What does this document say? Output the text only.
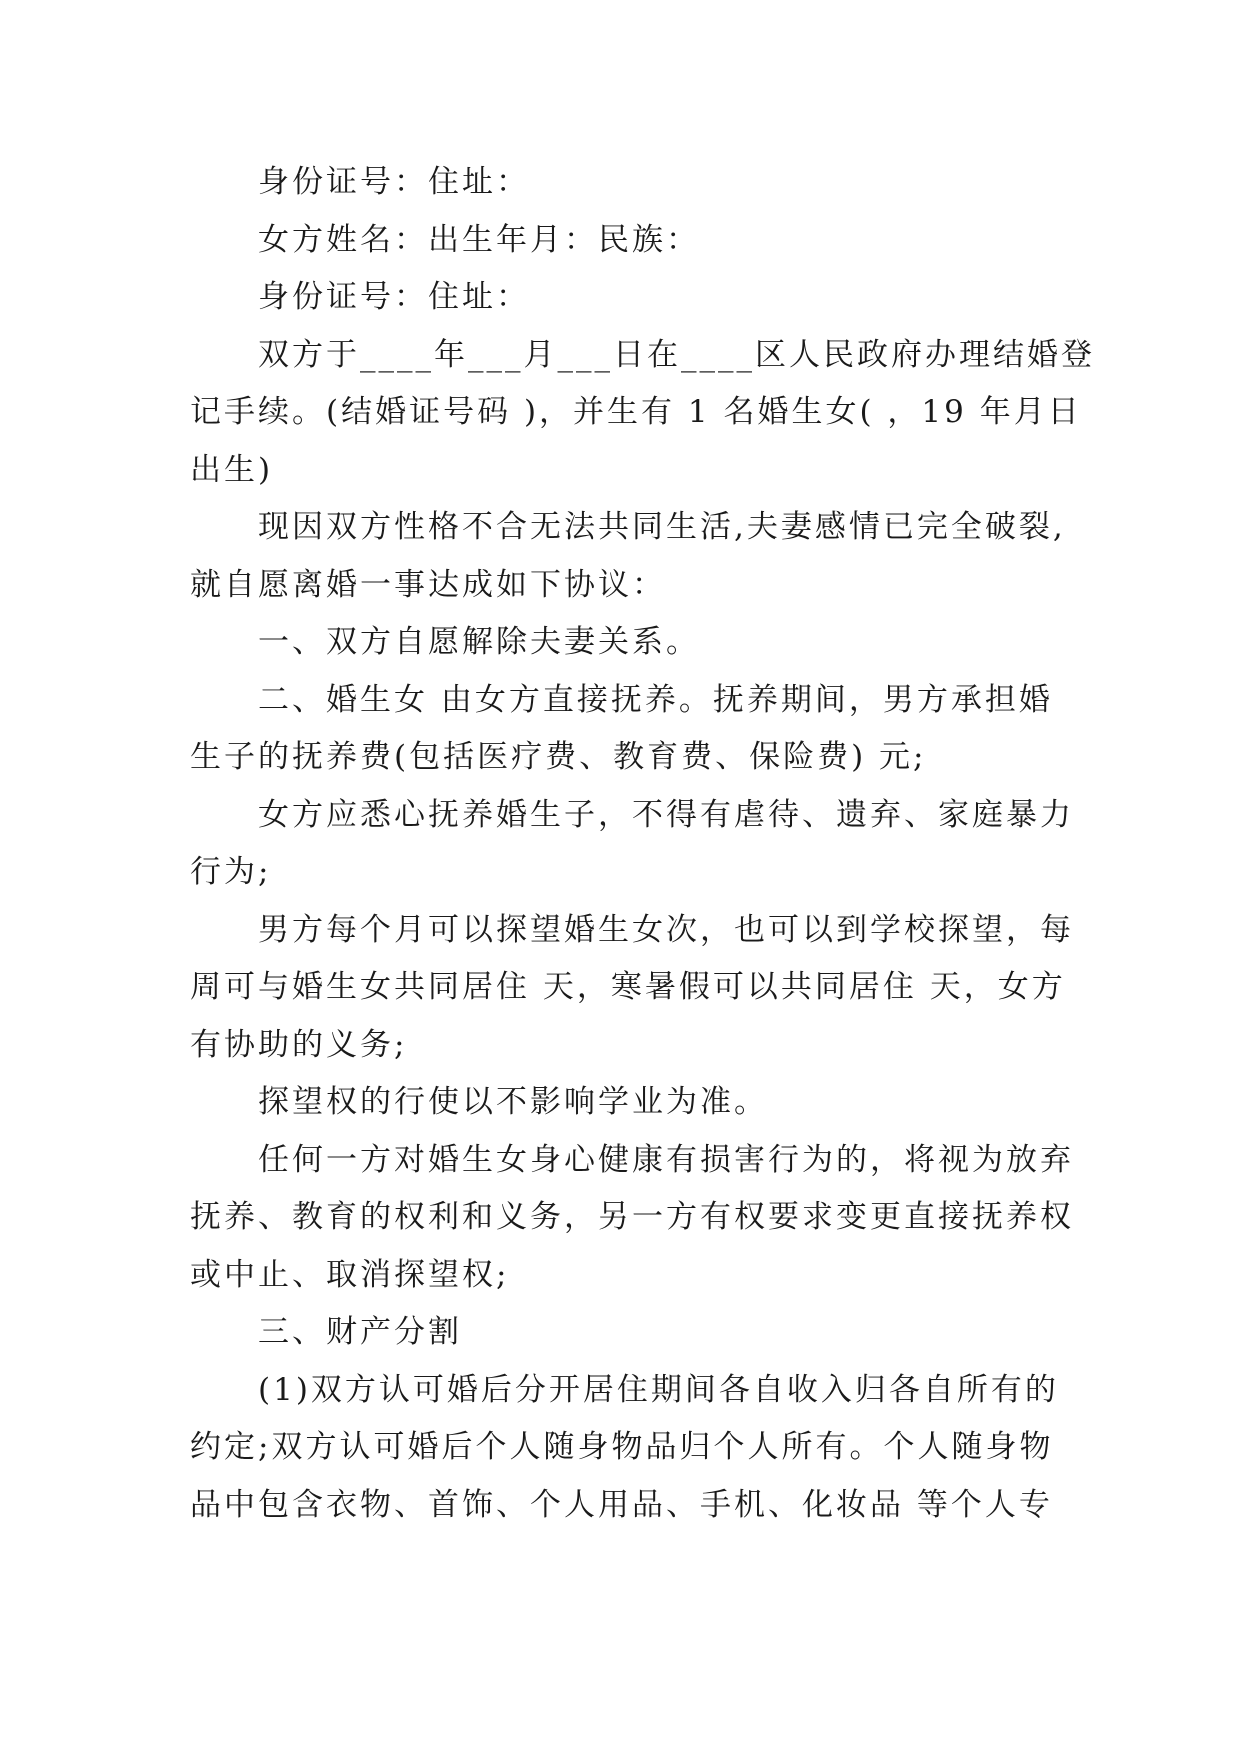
身份证号：住址：
女方姓名：出生年月：民族：
身份证号：住址：
双方于____年___月___日在____区人民政府办理结婚登
记手续。(结婚证号码 )，并生有 1 名婚生女( ，19 年月日
出生)
现因双方性格不合无法共同生活,夫妻感情已完全破裂,
就自愿离婚一事达成如下协议：
一、双方自愿解除夫妻关系。
二、婚生女 由女方直接抚养。抚养期间，男方承担婚
生子的抚养费(包括医疗费、教育费、保险费) 元;
女方应悉心抚养婚生子，不得有虐待、遗弃、家庭暴力
行为;
男方每个月可以探望婚生女次，也可以到学校探望，每
周可与婚生女共同居住 天，寒暑假可以共同居住 天，女方
有协助的义务;
探望权的行使以不影响学业为准。
任何一方对婚生女身心健康有损害行为的，将视为放弃
抚养、教育的权利和义务，另一方有权要求变更直接抚养权
或中止、取消探望权;
三、财产分割
(1)双方认可婚后分开居住期间各自收入归各自所有的
约定;双方认可婚后个人随身物品归个人所有。个人随身物
品中包含衣物、首饰、个人用品、手机、化妆品 等个人专
